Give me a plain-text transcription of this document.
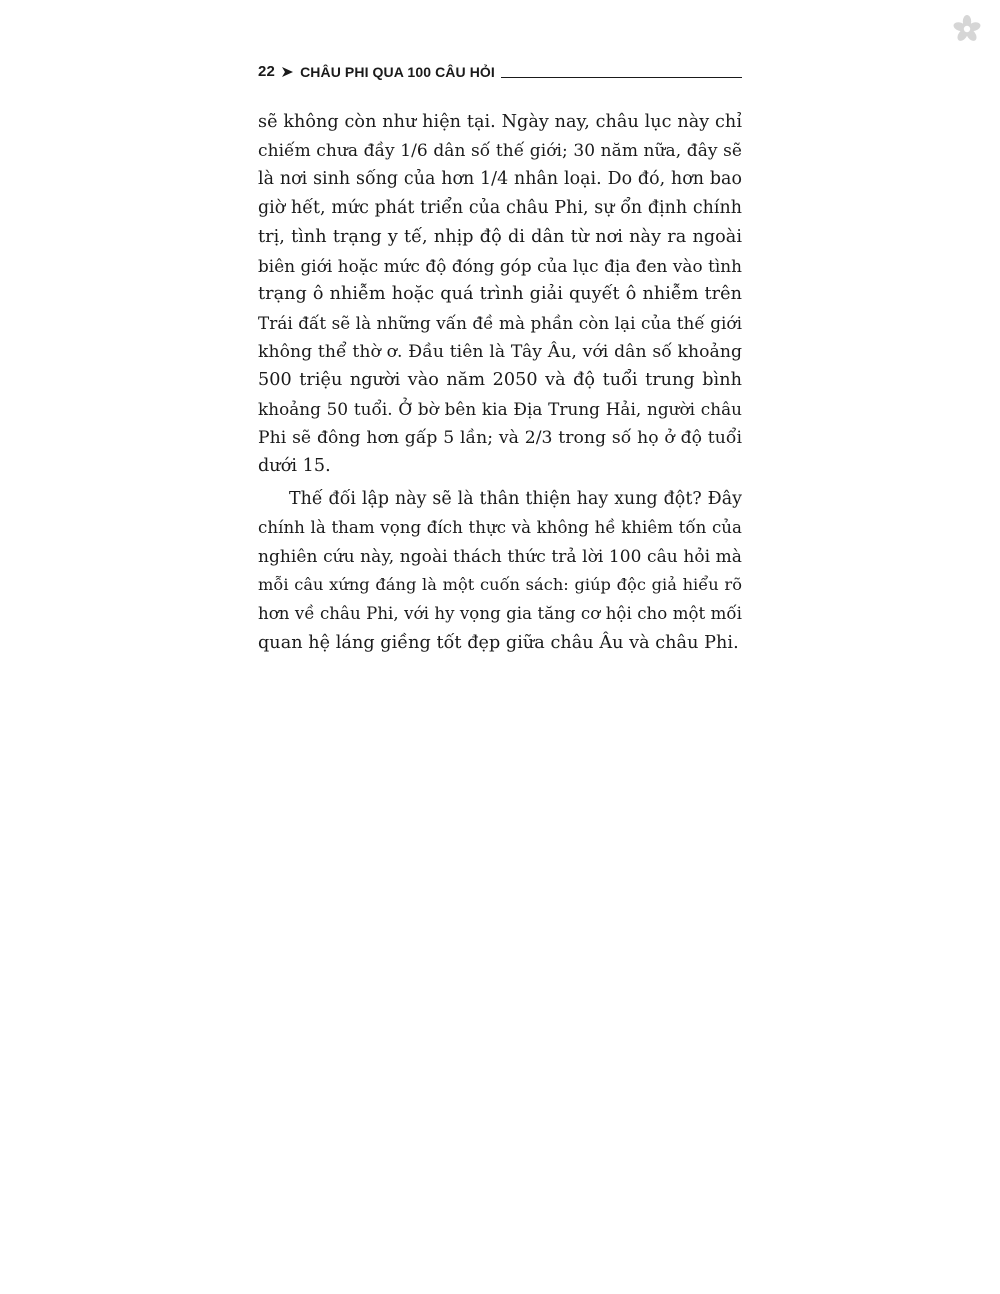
22 CHÂU PHI QUA 100 CÂU HỎI
sẽ không còn như hiện tại. Ngày nay, châu lục này chỉ
chiếm chưa đầy 1/6 dân số thế giới; 30 năm nữa, đây sẽ
là nơi sinh sống của hơn 1/4 nhân loại. Do đó, hơn bao
giờ hết, mức phát triển của châu Phi, sự ổn định chính
trị, tình trạng y tế, nhịp độ di dân từ nơi này ra ngoài
biên giới hoặc mức độ đóng góp của lục địa đen vào tình
trạng ô nhiễm hoặc quá trình giải quyết ô nhiễm trên
Trái đất sẽ là những vấn đề mà phần còn lại của thế giới
không thể thờ ơ. Đầu tiên là Tây Âu, với dân số khoảng
500 triệu người vào năm 2050 và độ tuổi trung bình
khoảng 50 tuổi. Ở bờ bên kia Địa Trung Hải, người châu
Phi sẽ đông hơn gấp 5 lần; và 2/3 trong số họ ở độ tuổi
dưới 15.
Thế đối lập này sẽ là thân thiện hay xung đột? Đây
chính là tham vọng đích thực và không hề khiêm tốn của
nghiên cứu này, ngoài thách thức trả lời 100 câu hỏi mà
mỗi câu xứng đáng là một cuốn sách: giúp độc giả hiểu rõ
hơn về châu Phi, với hy vọng gia tăng cơ hội cho một mối
quan hệ láng giềng tốt đẹp giữa châu Âu và châu Phi.
